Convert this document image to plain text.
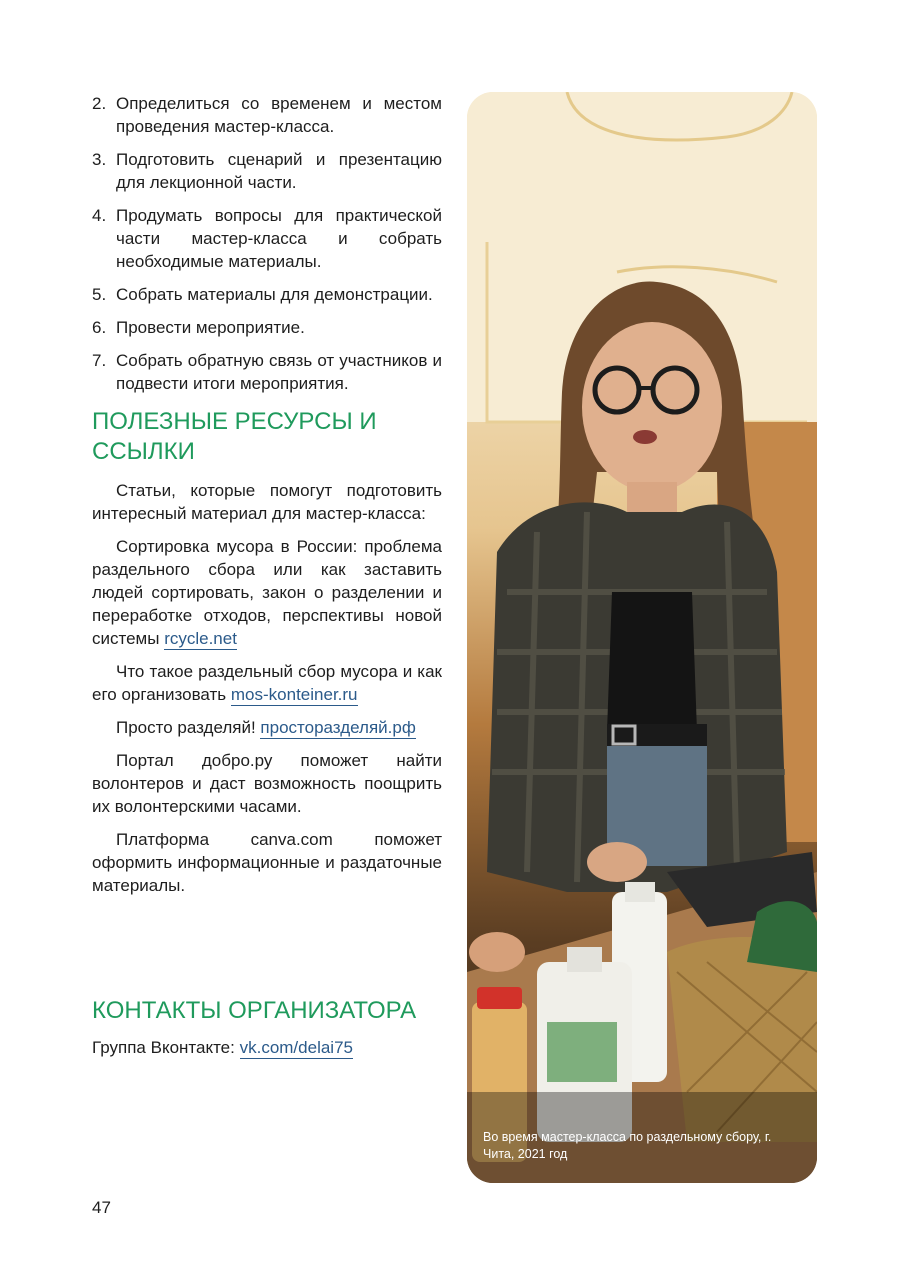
2. Определиться со временем и местом проведения мастер-класса.
3. Подготовить сценарий и презентацию для лекционной части.
4. Продумать вопросы для практической части мастер-класса и собрать необходимые материалы.
5. Собрать материалы для демонстрации.
6. Провести мероприятие.
7. Собрать обратную связь от участников и подвести итоги мероприятия.
ПОЛЕЗНЫЕ РЕСУРСЫ И ССЫЛКИ

Статьи, которые помогут подготовить интересный материал для мастер-класса:

Сортировка мусора в России: проблема раздельного сбора или как заставить людей сортировать, закон о разделении и переработке отходов, перспективы новой системы rcycle.net

Что такое раздельный сбор мусора и как его организовать mos-konteiner.ru

Просто разделяй! просторазделяй.рф

Портал добро.ру поможет найти волонтеров и даст возможность поощрить их волонтерскими часами.

Платформа canva.com поможет оформить информационные и раздаточные материалы.

КОНТАКТЫ ОРГАНИЗАТОРА
Группа Вконтакте: vk.com/delai75
47
Во время мастер-класса по раздельному сбору, г. Чита, 2021 год
